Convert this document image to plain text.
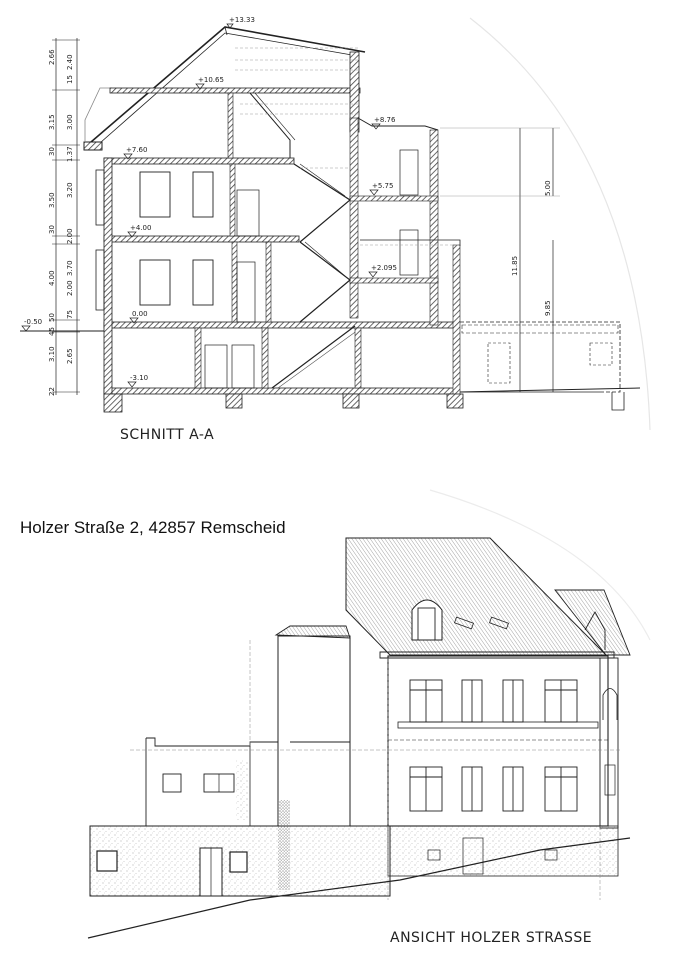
+13.33
+10.65
+8.76
+7.60
+5.75
+4.00
+2.095
0.00
-3.10
-0.50
2.66 2.40
15
3.15 3.00
30 1.37
3.50
3.20
30 2.00
4.00
3.70
2.00
75
50
45
3.10 2.65
22
5.00
11.85
9.85
SCHNITT A-A
Holzer Straße 2, 42857 Remscheid
ANSICHT HOLZER STRASSE
